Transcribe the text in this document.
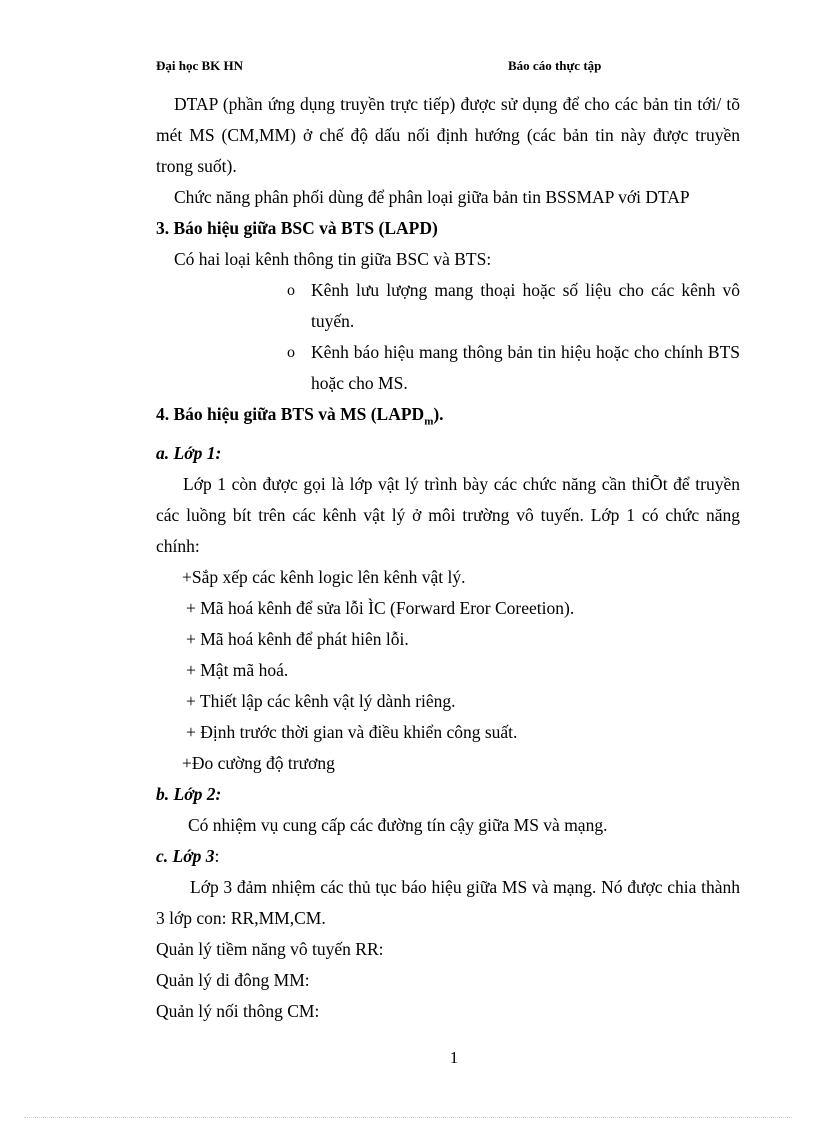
Đại học BK HN	Báo cáo thực tập

DTAP (phần ứng dụng truyền trực tiếp) được sử dụng để cho các bản tin tới/ tõ mét MS (CM,MM) ở chế độ dấu nối định hướng (các bản tin này được truyền trong suốt).

Chức năng phân phối dùng để phân loại giữa bản tin BSSMAP với DTAP

3. Báo hiệu giữa BSC và BTS (LAPD)

Có hai loại kênh thông tin giữa BSC và BTS:

o Kênh lưu lượng mang thoại hoặc số liệu cho các kênh vô tuyến.
o Kênh báo hiệu mang thông bản tin hiệu hoặc cho chính BTS hoặc cho MS.

4. Báo hiệu giữa BTS và MS $(LAPD_m)$.

a. Lớp 1:

Lớp 1 còn được gọi là lớp vật lý trình bày các chức năng cần thiÕt để truyền các luồng bít trên các kênh vật lý ở môi trường vô tuyến. Lớp 1 có chức năng chính:

+Sắp xếp các kênh logic lên kênh vật lý.

+ Mã hoá kênh để sửa lỗi ÌC (Forward Eror Coreetion).

+ Mã hoá kênh để phát hiên lỗi.

+ Mật mã hoá.

+ Thiết lập các kênh vật lý dành riêng.

+ Định trước thời gian và điều khiển công suất.

+Đo cường độ trương

b. Lớp 2:

Có nhiệm vụ cung cấp các đường tín cậy giữa MS và mạng.

c. Lớp 3:

Lớp 3 đảm nhiệm các thủ tục báo hiệu giữa MS và mạng. Nó được chia thành 3 lớp con: RR,MM,CM.

Quản lý tiềm năng vô tuyến RR:

Quản lý di đông MM:

Quản lý nối thông CM:

1
